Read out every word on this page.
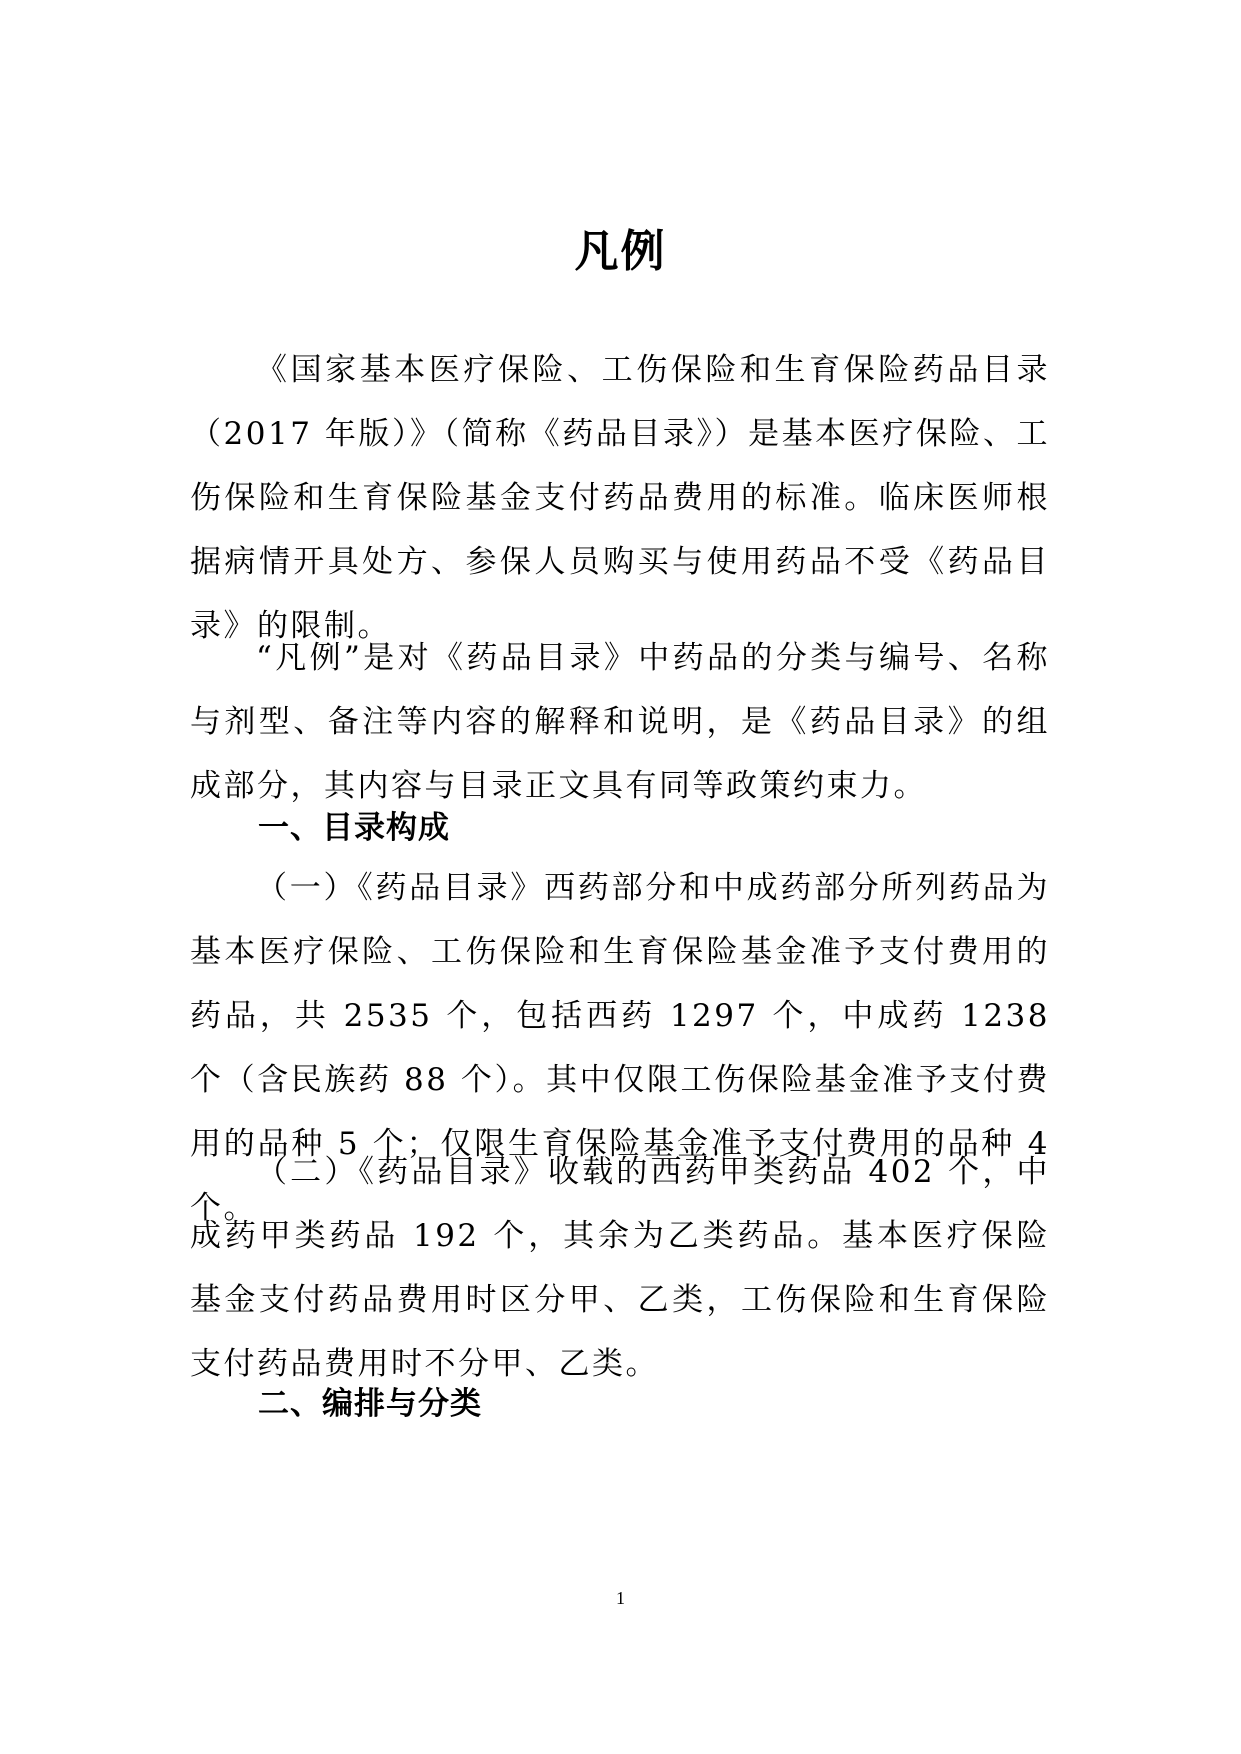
凡例

《国家基本医疗保险、工伤保险和生育保险药品目录（2017 年版）》（简称《药品目录》）是基本医疗保险、工伤保险和生育保险基金支付药品费用的标准。临床医师根据病情开具处方、参保人员购买与使用药品不受《药品目录》的限制。

“凡例”是对《药品目录》中药品的分类与编号、名称与剂型、备注等内容的解释和说明，是《药品目录》的组成部分，其内容与目录正文具有同等政策约束力。

一、目录构成

（一）《药品目录》西药部分和中成药部分所列药品为基本医疗保险、工伤保险和生育保险基金准予支付费用的药品，共 2535 个，包括西药 1297 个，中成药 1238 个（含民族药 88 个）。其中仅限工伤保险基金准予支付费用的品种 5 个；仅限生育保险基金准予支付费用的品种 4 个。

（二）《药品目录》收载的西药甲类药品 402 个，中成药甲类药品 192 个，其余为乙类药品。基本医疗保险基金支付药品费用时区分甲、乙类，工伤保险和生育保险支付药品费用时不分甲、乙类。

二、编排与分类
1
